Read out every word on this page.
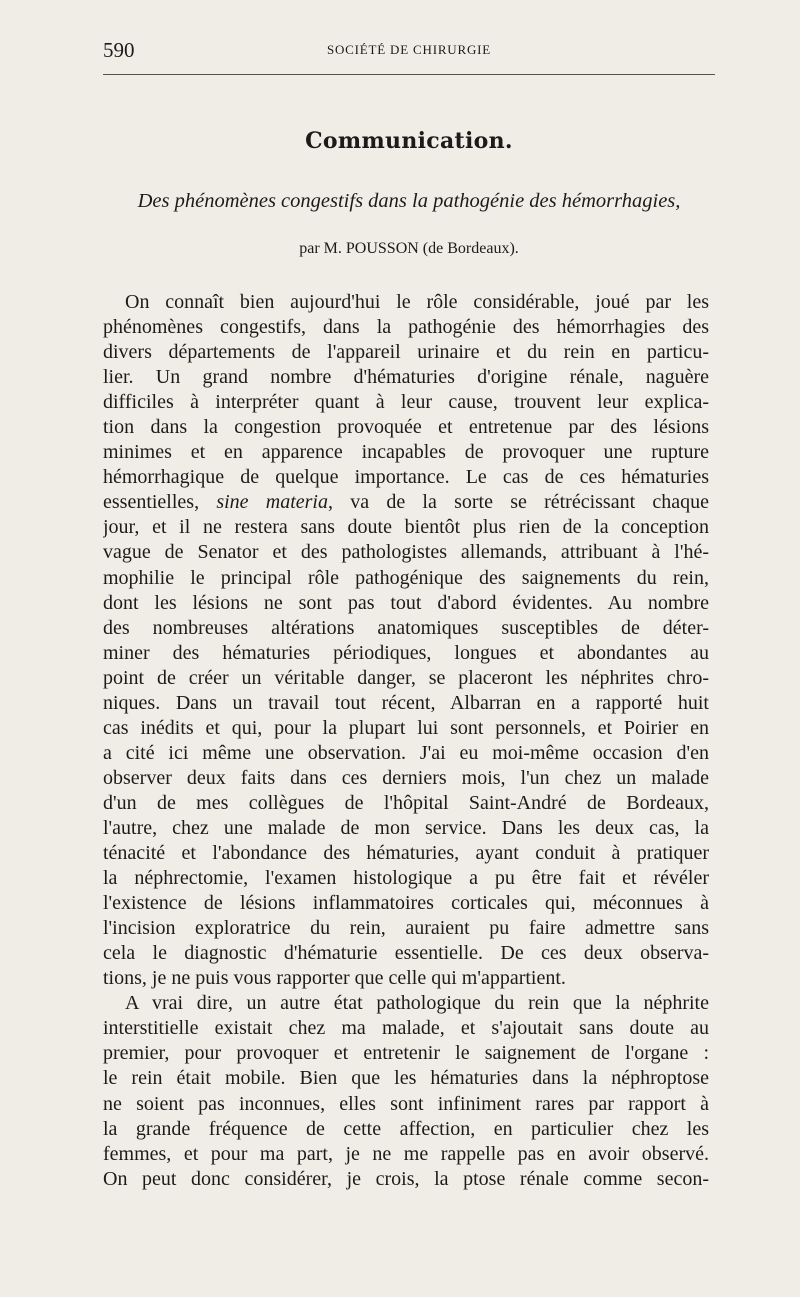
590	SOCIÉTÉ DE CHIRURGIE
Communication.
Des phénomènes congestifs dans la pathogénie des hémorrhagies,
par M. POUSSON (de Bordeaux).
On connaît bien aujourd'hui le rôle considérable, joué par les
phénomènes congestifs, dans la pathogénie des hémorrhagies des
divers départements de l'appareil urinaire et du rein en particu-
lier. Un grand nombre d'hématuries d'origine rénale, naguère
difficiles à interpréter quant à leur cause, trouvent leur explica-
tion dans la congestion provoquée et entretenue par des lésions
minimes et en apparence incapables de provoquer une rupture
hémorrhagique de quelque importance. Le cas de ces hématuries
essentielles, sine materia, va de la sorte se rétrécissant chaque
jour, et il ne restera sans doute bientôt plus rien de la conception
vague de Senator et des pathologistes allemands, attribuant à l'hé-
mophilie le principal rôle pathogénique des saignements du rein,
dont les lésions ne sont pas tout d'abord évidentes. Au nombre
des nombreuses altérations anatomiques susceptibles de déter-
miner des hématuries périodiques, longues et abondantes au
point de créer un véritable danger, se placeront les néphrites chro-
niques. Dans un travail tout récent, Albarran en a rapporté huit
cas inédits et qui, pour la plupart lui sont personnels, et Poirier en
a cité ici même une observation. J'ai eu moi-même occasion d'en
observer deux faits dans ces derniers mois, l'un chez un malade
d'un de mes collègues de l'hôpital Saint-André de Bordeaux,
l'autre, chez une malade de mon service. Dans les deux cas, la
ténacité et l'abondance des hématuries, ayant conduit à pratiquer
la néphrectomie, l'examen histologique a pu être fait et révéler
l'existence de lésions inflammatoires corticales qui, méconnues à
l'incision exploratrice du rein, auraient pu faire admettre sans
cela le diagnostic d'hématurie essentielle. De ces deux observa-
tions, je ne puis vous rapporter que celle qui m'appartient.
A vrai dire, un autre état pathologique du rein que la néphrite
interstitielle existait chez ma malade, et s'ajoutait sans doute au
premier, pour provoquer et entretenir le saignement de l'organe :
le rein était mobile. Bien que les hématuries dans la néphroptose
ne soient pas inconnues, elles sont infiniment rares par rapport à
la grande fréquence de cette affection, en particulier chez les
femmes, et pour ma part, je ne me rappelle pas en avoir observé.
On peut donc considérer, je crois, la ptose rénale comme secon-
